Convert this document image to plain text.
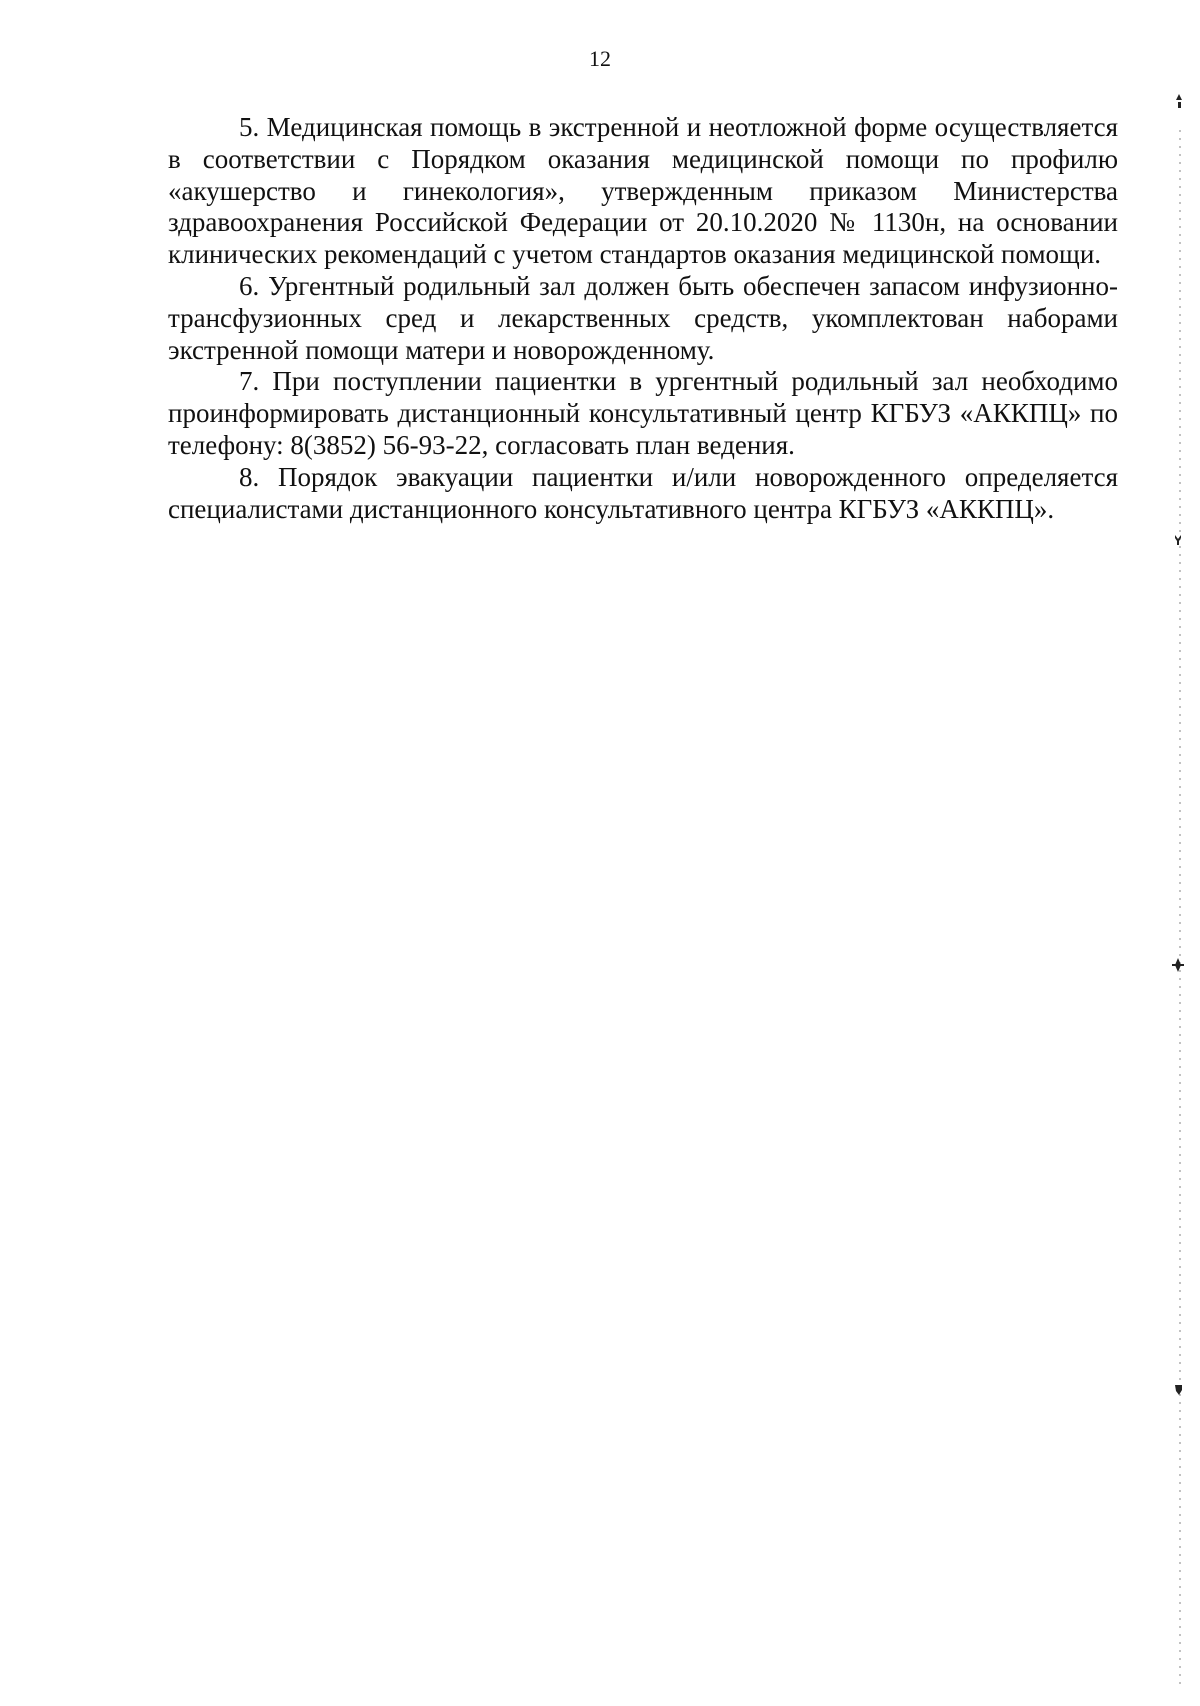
12

5. Медицинская помощь в экстренной и неотложной форме осуществляется в соответствии с Порядком оказания медицинской помощи по профилю «акушерство и гинекология», утвержденным приказом Министерства здравоохранения Российской Федерации от 20.10.2020 № 1130н, на основании клинических рекомендаций с учетом стандартов оказания медицинской помощи.

6. Ургентный родильный зал должен быть обеспечен запасом инфузионно-трансфузионных сред и лекарственных средств, укомплектован наборами экстренной помощи матери и новорожденному.

7. При поступлении пациентки в ургентный родильный зал необходимо проинформировать дистанционный консультативный центр КГБУЗ «АККПЦ» по телефону: 8(3852) 56-93-22, согласовать план ведения.

8. Порядок эвакуации пациентки и/или новорожденного определяется специалистами дистанционного консультативного центра КГБУЗ «АККПЦ».
